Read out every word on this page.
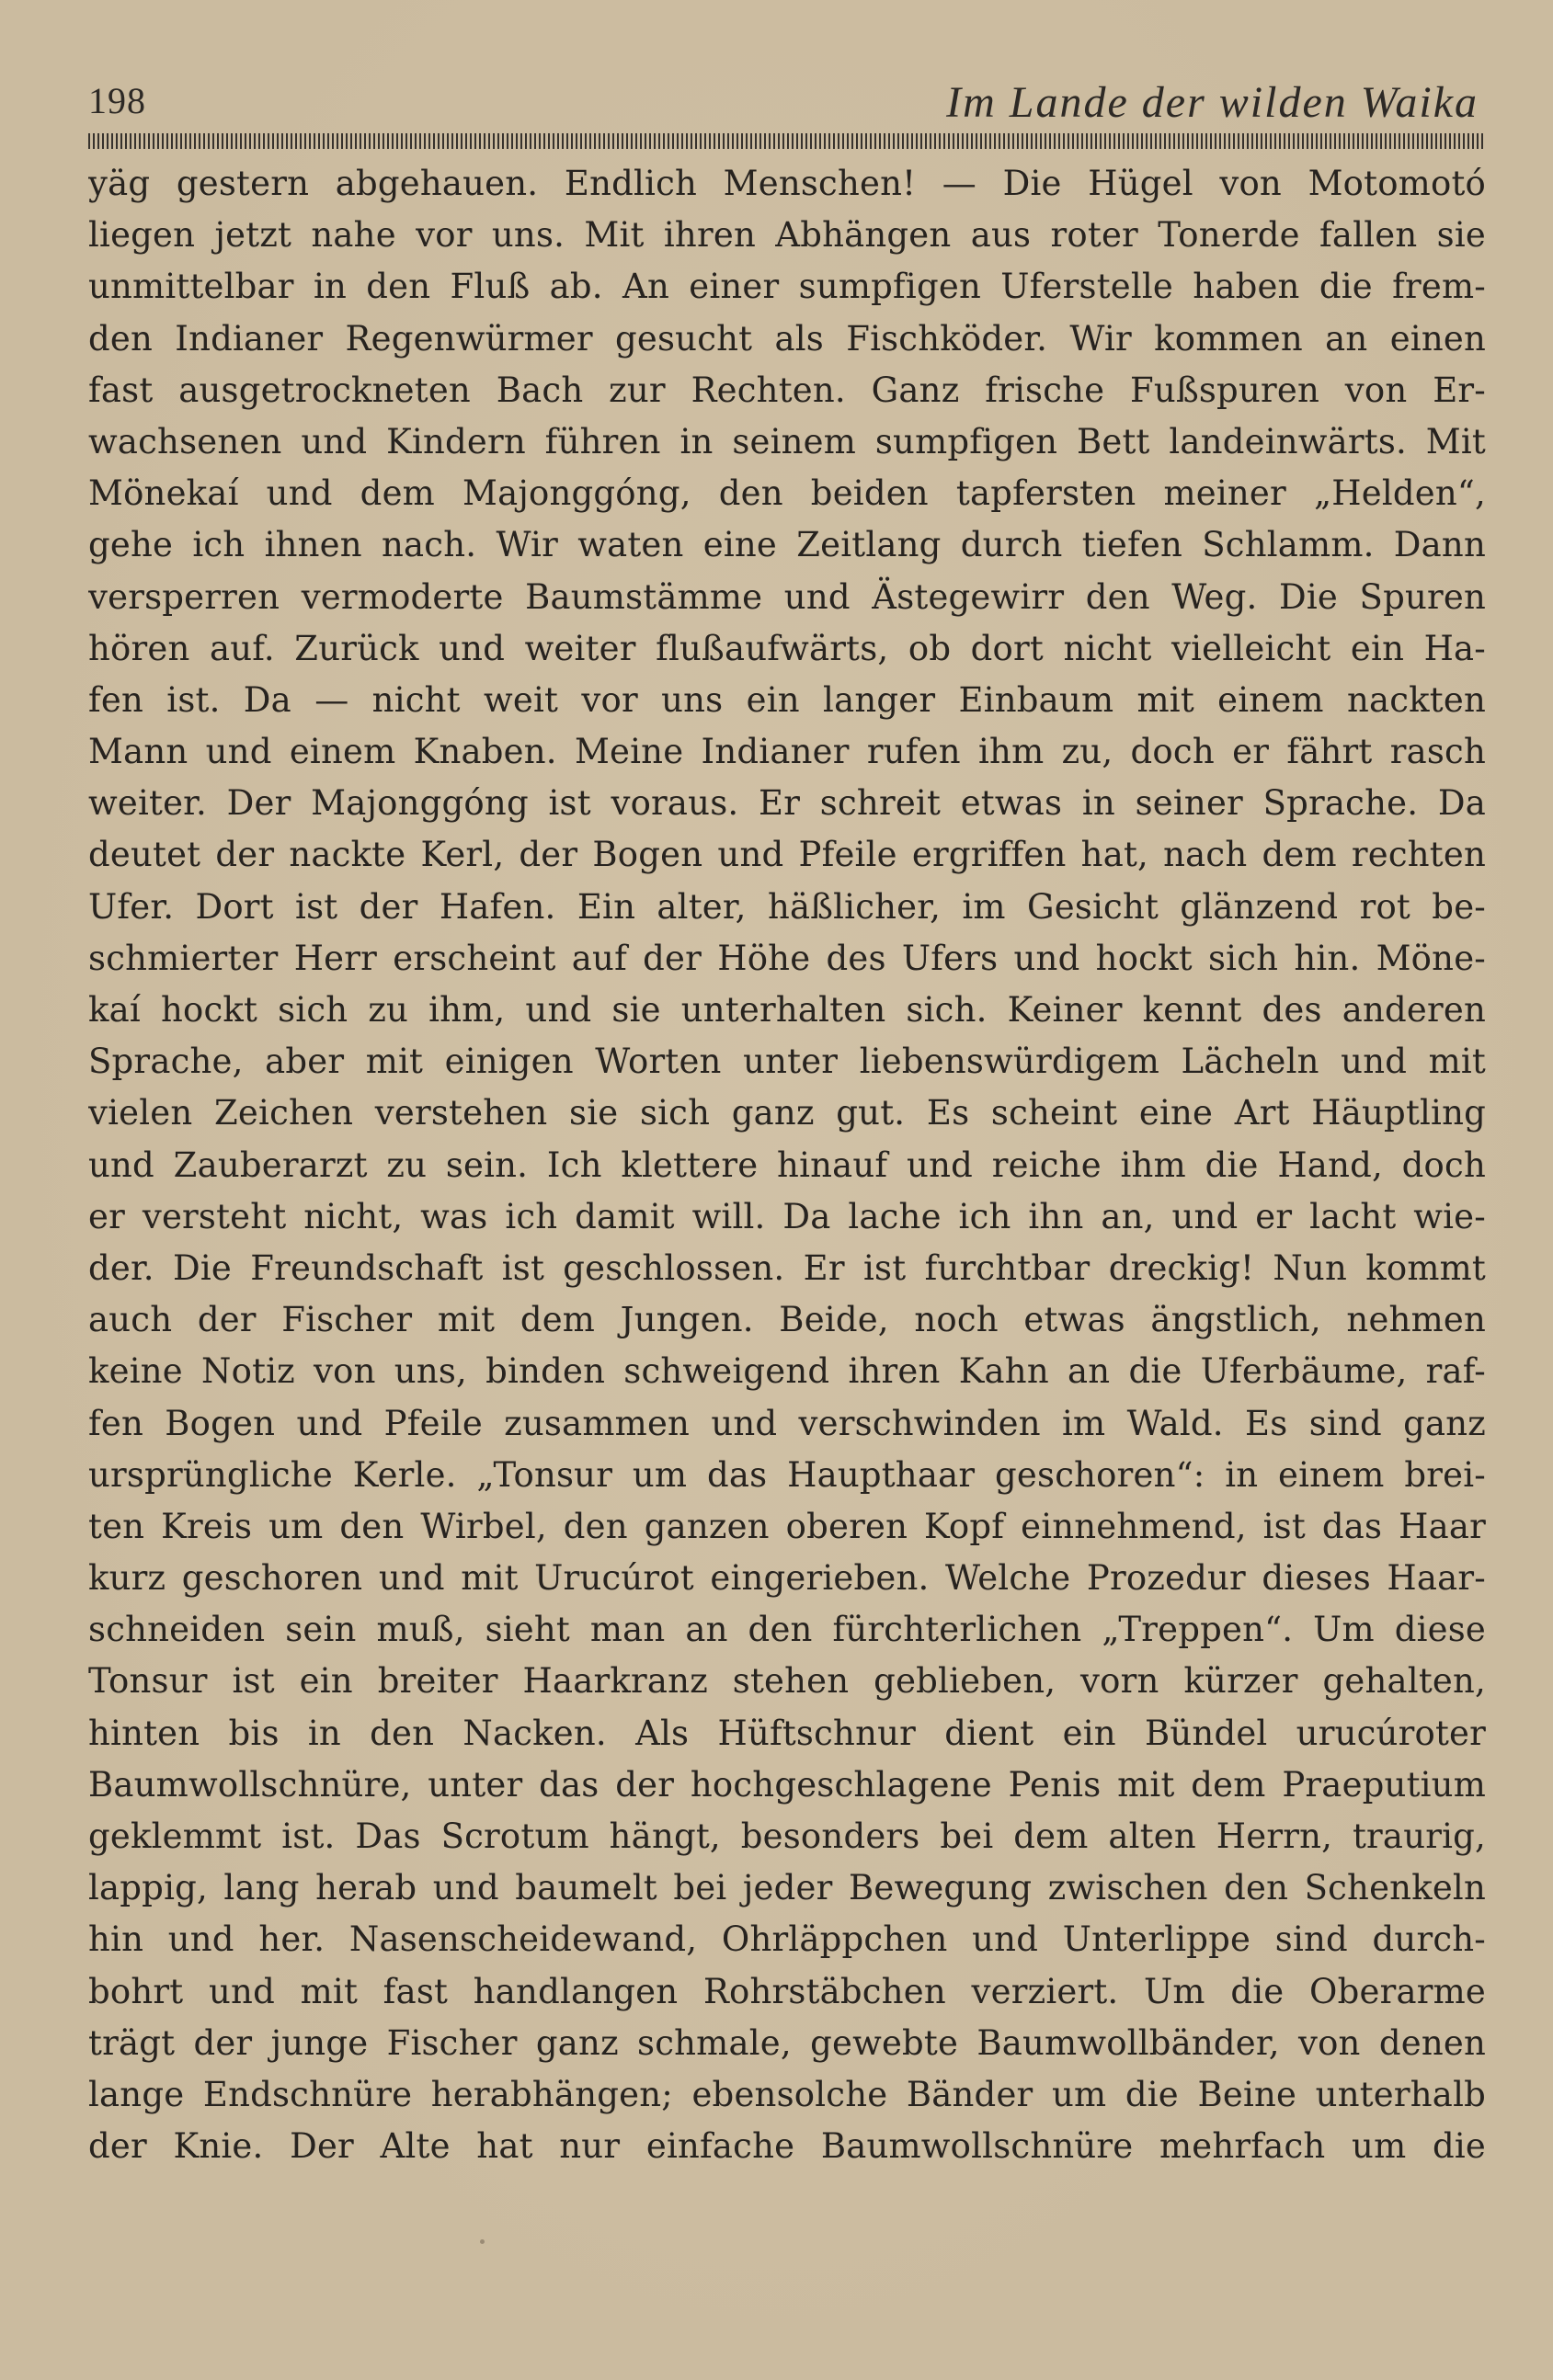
198	Im Lande der wilden Waika
yäg gestern abgehauen. Endlich Menschen! — Die Hügel von Motomotó
liegen jetzt nahe vor uns. Mit ihren Abhängen aus roter Tonerde fallen sie
unmittelbar in den Fluß ab. An einer sumpfigen Uferstelle haben die frem-
den Indianer Regenwürmer gesucht als Fischköder. Wir kommen an einen
fast ausgetrockneten Bach zur Rechten. Ganz frische Fußspuren von Er-
wachsenen und Kindern führen in seinem sumpfigen Bett landeinwärts. Mit
Mönekaí und dem Majonggóng, den beiden tapfersten meiner „Helden“,
gehe ich ihnen nach. Wir waten eine Zeitlang durch tiefen Schlamm. Dann
versperren vermoderte Baumstämme und Ästegewirr den Weg. Die Spuren
hören auf. Zurück und weiter flußaufwärts, ob dort nicht vielleicht ein Ha-
fen ist. Da — nicht weit vor uns ein langer Einbaum mit einem nackten
Mann und einem Knaben. Meine Indianer rufen ihm zu, doch er fährt rasch
weiter. Der Majonggóng ist voraus. Er schreit etwas in seiner Sprache. Da
deutet der nackte Kerl, der Bogen und Pfeile ergriffen hat, nach dem rechten
Ufer. Dort ist der Hafen. Ein alter, häßlicher, im Gesicht glänzend rot be-
schmierter Herr erscheint auf der Höhe des Ufers und hockt sich hin. Möne-
kaí hockt sich zu ihm, und sie unterhalten sich. Keiner kennt des anderen
Sprache, aber mit einigen Worten unter liebenswürdigem Lächeln und mit
vielen Zeichen verstehen sie sich ganz gut. Es scheint eine Art Häuptling
und Zauberarzt zu sein. Ich klettere hinauf und reiche ihm die Hand, doch
er versteht nicht, was ich damit will. Da lache ich ihn an, und er lacht wie-
der. Die Freundschaft ist geschlossen. Er ist furchtbar dreckig! Nun kommt
auch der Fischer mit dem Jungen. Beide, noch etwas ängstlich, nehmen
keine Notiz von uns, binden schweigend ihren Kahn an die Uferbäume, raf-
fen Bogen und Pfeile zusammen und verschwinden im Wald. Es sind ganz
ursprüngliche Kerle. „Tonsur um das Haupthaar geschoren“: in einem brei-
ten Kreis um den Wirbel, den ganzen oberen Kopf einnehmend, ist das Haar
kurz geschoren und mit Urucúrot eingerieben. Welche Prozedur dieses Haar-
schneiden sein muß, sieht man an den fürchterlichen „Treppen“. Um diese
Tonsur ist ein breiter Haarkranz stehen geblieben, vorn kürzer gehalten,
hinten bis in den Nacken. Als Hüftschnur dient ein Bündel urucúroter
Baumwollschnüre, unter das der hochgeschlagene Penis mit dem Praeputium
geklemmt ist. Das Scrotum hängt, besonders bei dem alten Herrn, traurig,
lappig, lang herab und baumelt bei jeder Bewegung zwischen den Schenkeln
hin und her. Nasenscheidewand, Ohrläppchen und Unterlippe sind durch-
bohrt und mit fast handlangen Rohrstäbchen verziert. Um die Oberarme
trägt der junge Fischer ganz schmale, gewebte Baumwollbänder, von denen
lange Endschnüre herabhängen; ebensolche Bänder um die Beine unterhalb
der Knie. Der Alte hat nur einfache Baumwollschnüre mehrfach um die
